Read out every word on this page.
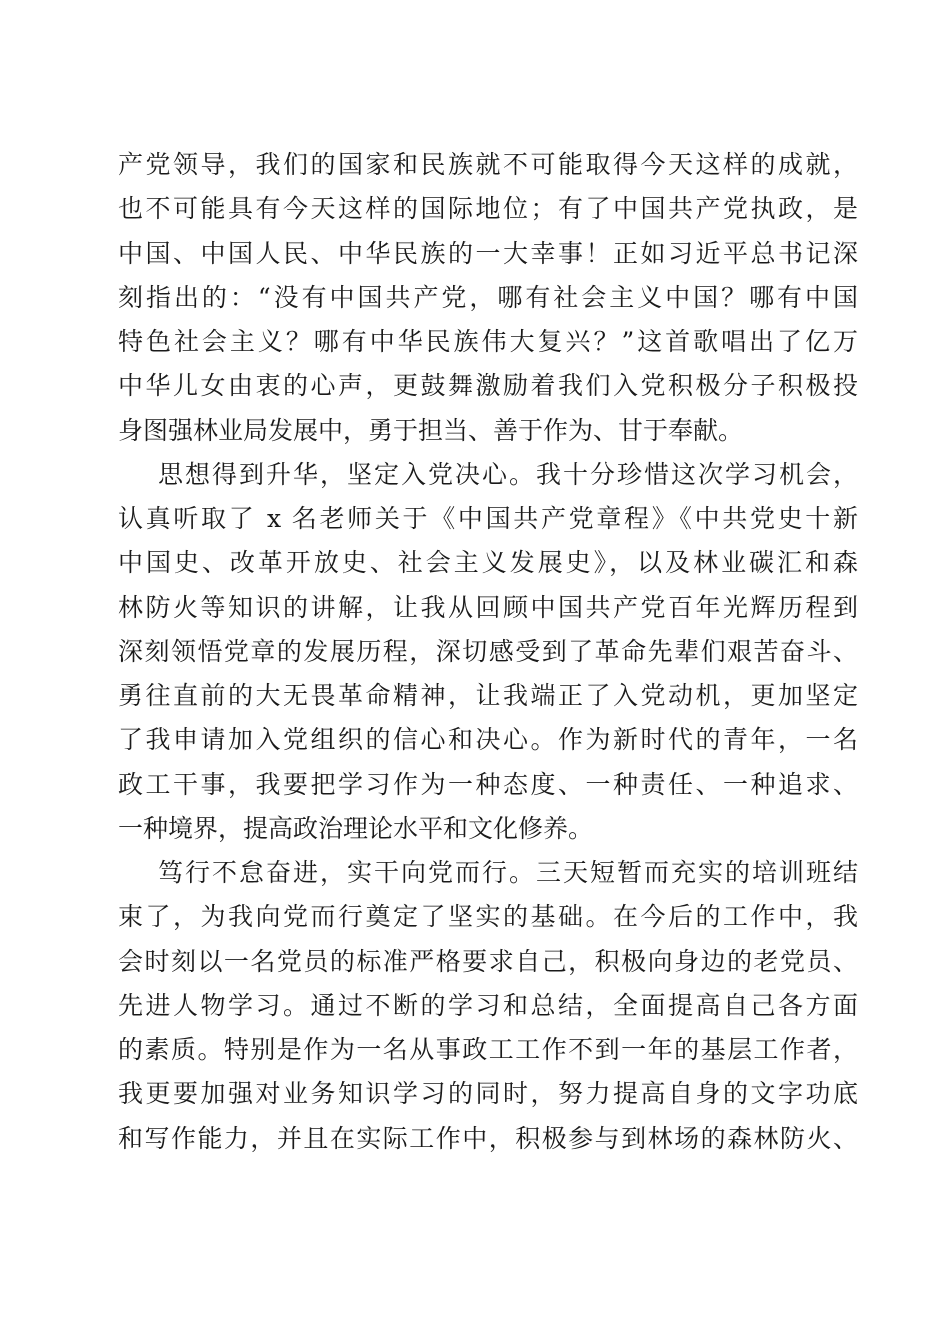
产党领导，我们的国家和民族就不可能取得今天这样的成就，
也不可能具有今天这样的国际地位；有了中国共产党执政，是
中国、中国人民、中华民族的一大幸事！正如习近平总书记深
刻指出的：“没有中国共产党，哪有社会主义中国？哪有中国
特色社会主义？哪有中华民族伟大复兴？”这首歌唱出了亿万
中华儿女由衷的心声，更鼓舞激励着我们入党积极分子积极投
身图强林业局发展中，勇于担当、善于作为、甘于奉献。
思想得到升华，坚定入党决心。我十分珍惜这次学习机会，
认真听取了 x 名老师关于《中国共产党章程》《中共党史十新
中国史、改革开放史、社会主义发展史》，以及林业碳汇和森
林防火等知识的讲解，让我从回顾中国共产党百年光辉历程到
深刻领悟党章的发展历程，深切感受到了革命先辈们艰苦奋斗、
勇往直前的大无畏革命精神，让我端正了入党动机，更加坚定
了我申请加入党组织的信心和决心。作为新时代的青年，一名
政工干事，我要把学习作为一种态度、一种责任、一种追求、
一种境界，提高政治理论水平和文化修养。
笃行不怠奋进，实干向党而行。三天短暂而充实的培训班结
束了，为我向党而行奠定了坚实的基础。在今后的工作中，我
会时刻以一名党员的标准严格要求自己，积极向身边的老党员、
先进人物学习。通过不断的学习和总结，全面提高自己各方面
的素质。特别是作为一名从事政工工作不到一年的基层工作者，
我更要加强对业务知识学习的同时，努力提高自身的文字功底
和写作能力，并且在实际工作中，积极参与到林场的森林防火、
